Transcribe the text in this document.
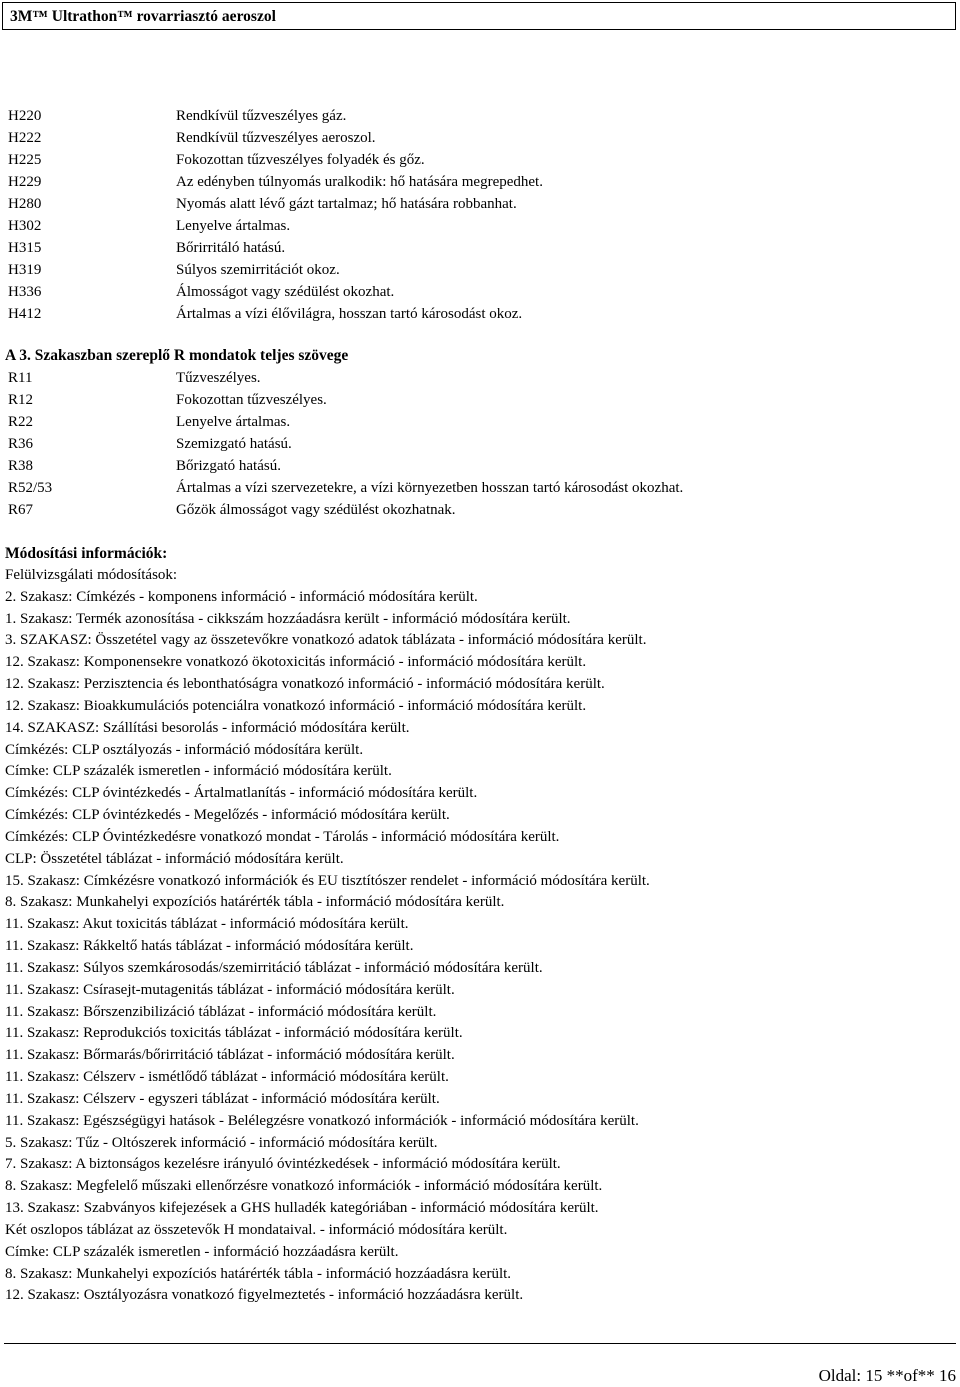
3M™ Ultrathon™ rovarriasztó aeroszol
H220	Rendkívül tűzveszélyes gáz.
H222	Rendkívül tűzveszélyes aeroszol.
H225	Fokozottan tűzveszélyes folyadék és gőz.
H229	Az edényben túlnyomás uralkodik: hő hatására megrepedhet.
H280	Nyomás alatt lévő gázt tartalmaz; hő hatására robbanhat.
H302	Lenyelve ártalmas.
H315	Bőrirritáló hatású.
H319	Súlyos szemirritációt okoz.
H336	Álmosságot vagy szédülést okozhat.
H412	Ártalmas a vízi élővilágra, hosszan tartó károsodást okoz.
A 3. Szakaszban szereplő R mondatok teljes szövege
R11	Tűzveszélyes.
R12	Fokozottan tűzveszélyes.
R22	Lenyelve ártalmas.
R36	Szemizgató hatású.
R38	Bőrizgató hatású.
R52/53	Ártalmas a vízi szervezetekre, a vízi környezetben hosszan tartó károsodást okozhat.
R67	Gőzök álmosságot vagy szédülést okozhatnak.
Módosítási információk:
Felülvizsgálati módosítások:
2. Szakasz: Címkézés - komponens információ - információ módosítára került.
1. Szakasz: Termék azonosítása - cikkszám hozzáadásra került - információ módosítára került.
3. SZAKASZ: Összetétel vagy az összetevőkre vonatkozó adatok táblázata - információ módosítára került.
12. Szakasz: Komponensekre vonatkozó ökotoxicitás információ - információ módosítára került.
12. Szakasz: Perzisztencia és lebonthatóságra vonatkozó információ - információ módosítára került.
12. Szakasz: Bioakkumulációs potenciálra vonatkozó információ - információ módosítára került.
14. SZAKASZ: Szállítási besorolás - információ módosítára került.
Címkézés: CLP osztályozás - információ módosítára került.
Címke: CLP százalék ismeretlen - információ módosítára került.
Címkézés: CLP óvintézkedés - Ártalmatlanítás - információ módosítára került.
Címkézés: CLP óvintézkedés - Megelőzés - információ módosítára került.
Címkézés: CLP Óvintézkedésre vonatkozó mondat - Tárolás - információ módosítára került.
CLP: Összetétel táblázat - információ módosítára került.
15. Szakasz: Címkézésre vonatkozó információk és EU tisztítószer rendelet - információ módosítára került.
8. Szakasz: Munkahelyi expozíciós határérték tábla - információ módosítára került.
11. Szakasz: Akut toxicitás táblázat - információ módosítára került.
11. Szakasz: Rákkeltő hatás táblázat - információ módosítára került.
11. Szakasz: Súlyos szemkárosodás/szemirritáció táblázat - információ módosítára került.
11. Szakasz: Csírasejt-mutagenitás táblázat - információ módosítára került.
11. Szakasz: Bőrszenzibilizáció táblázat - információ módosítára került.
11. Szakasz: Reprodukciós toxicitás táblázat - információ módosítára került.
11. Szakasz: Bőrmarás/bőrirritáció táblázat - információ módosítára került.
11. Szakasz: Célszerv - ismétlődő táblázat - információ módosítára került.
11. Szakasz: Célszerv - egyszeri táblázat - információ módosítára került.
11. Szakasz: Egészségügyi hatások - Belélegzésre vonatkozó információk - információ módosítára került.
5. Szakasz: Tűz - Oltószerek információ - információ módosítára került.
7. Szakasz: A biztonságos kezelésre irányuló óvintézkedések - információ módosítára került.
8. Szakasz: Megfelelő műszaki ellenőrzésre vonatkozó információk - információ módosítára került.
13. Szakasz: Szabványos kifejezések a GHS hulladék kategóriában - információ módosítára került.
Két oszlopos táblázat az összetevők H mondataival. - információ módosítára került.
Címke: CLP százalék ismeretlen - információ hozzáadásra került.
8. Szakasz: Munkahelyi expozíciós határérték tábla - információ hozzáadásra került.
12. Szakasz: Osztályozásra vonatkozó figyelmeztetés - információ hozzáadásra került.
Oldal: 15 **of** 16
